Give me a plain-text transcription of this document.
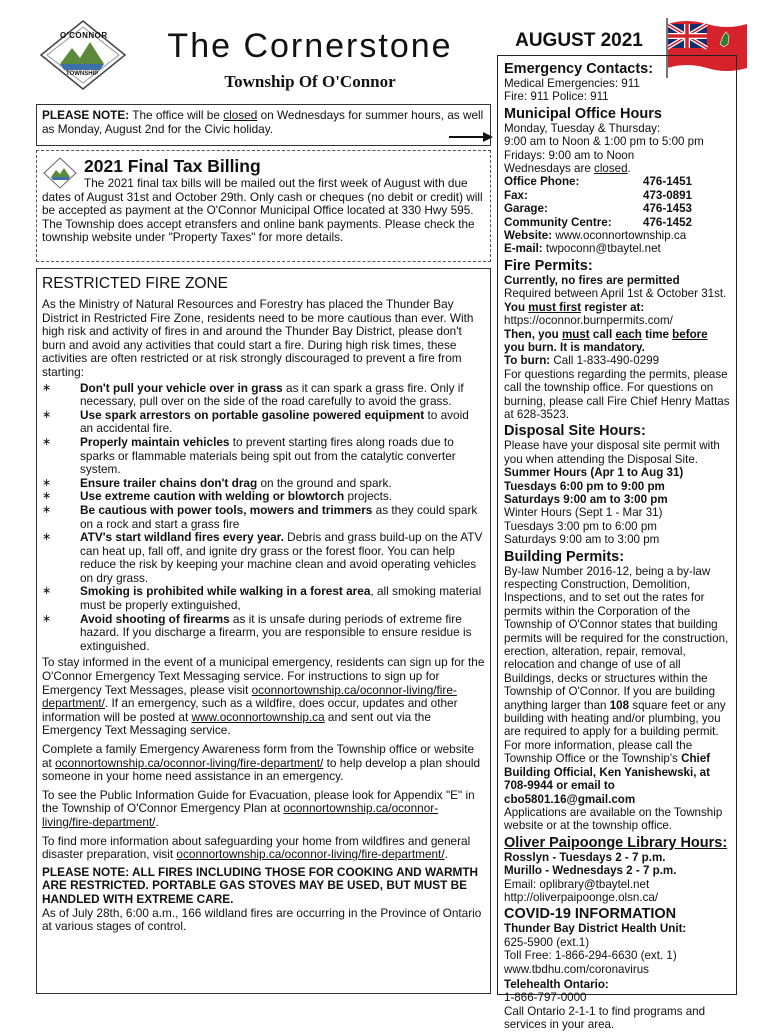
O'CONNOR
TOWNSHIP
The Cornerstone
Township Of O'Connor
AUGUST 2021

PLEASE NOTE: The office will be closed on Wednesdays for summer hours, as well as Monday, August 2nd for the Civic holiday.

2021 Final Tax Billing

The 2021 final tax bills will be mailed out the first week of August with due dates of August 31st and October 29th. Only cash or cheques (no debit or credit) will be accepted as payment at the O'Connor Municipal Office located at 330 Hwy 595. The Township does accept etransfers and online bank payments. Please check the township website under "Property Taxes" for more details.

RESTRICTED FIRE ZONE

As the Ministry of Natural Resources and Forestry has placed the Thunder Bay District in Restricted Fire Zone, residents need to be more cautious than ever. With high risk and activity of fires in and around the Thunder Bay District, please don't burn and avoid any activities that could start a fire. During high risk times, these activities are often restricted or at risk strongly discouraged to prevent a fire from starting:

∗ Don't pull your vehicle over in grass as it can spark a grass fire. Only if necessary, pull over on the side of the road carefully to avoid the grass.
∗ Use spark arrestors on portable gasoline powered equipment to avoid an accidental fire.
∗ Properly maintain vehicles to prevent starting fires along roads due to sparks or flammable materials being spit out from the catalytic converter system.
∗ Ensure trailer chains don't drag on the ground and spark.
∗ Use extreme caution with welding or blowtorch projects.
∗ Be cautious with power tools, mowers and trimmers as they could spark on a rock and start a grass fire
∗ ATV's start wildland fires every year. Debris and grass build-up on the ATV can heat up, fall off, and ignite dry grass or the forest floor. You can help reduce the risk by keeping your machine clean and avoid operating vehicles on dry grass.
∗ Smoking is prohibited while walking in a forest area, all smoking material must be properly extinguished,
∗ Avoid shooting of firearms as it is unsafe during periods of extreme fire hazard. If you discharge a firearm, you are responsible to ensure residue is extinguished.

To stay informed in the event of a municipal emergency, residents can sign up for the O'Connor Emergency Text Messaging service. For instructions to sign up for Emergency Text Messages, please visit oconnortownship.ca/oconnor-living/fire-department/. If an emergency, such as a wildfire, does occur, updates and other information will be posted at www.oconnortownship.ca and sent out via the Emergency Text Messaging service.

Complete a family Emergency Awareness form from the Township office or website at oconnortownship.ca/oconnor-living/fire-department/ to help develop a plan should someone in your home need assistance in an emergency.

To see the Public Information Guide for Evacuation, please look for Appendix "E" in the Township of O'Connor Emergency Plan at oconnortownship.ca/oconnor-living/fire-department/.

To find more information about safeguarding your home from wildfires and general disaster preparation, visit oconnortownship.ca/oconnor-living/fire-department/.

PLEASE NOTE: ALL FIRES INCLUDING THOSE FOR COOKING AND WARMTH ARE RESTRICTED. PORTABLE GAS STOVES MAY BE USED, BUT MUST BE HANDLED WITH EXTREME CARE.

As of July 28th, 6:00 a.m., 166 wildland fires are occurring in the Province of Ontario at various stages of control.

Emergency Contacts:

Medical Emergencies: 911

Fire: 911 Police: 911

Municipal Office Hours

Monday, Tuesday & Thursday:

9:00 am to Noon & 1:00 pm to 5:00 pm

Fridays: 9:00 am to Noon

Wednesdays are closed.

Office Phone:	476-1451
Fax:	473-0891
Garage:	476-1453
Community Centre:	476-1452

Website: www.oconnortownship.ca

E-mail: twpoconn@tbaytel.net

Fire Permits:

Currently, no fires are permitted

Required between April 1st & October 31st.

You must first register at:

https://oconnor.burnpermits.com/

Then, you must call each time before you burn. It is mandatory.

To burn: Call 1-833-490-0299

For questions regarding the permits, please call the township office. For questions on burning, please call Fire Chief Henry Mattas at 628-3523.

Disposal Site Hours:

Please have your disposal site permit with you when attending the Disposal Site.

Summer Hours (Apr 1 to Aug 31)

Tuesdays 6:00 pm to 9:00 pm

Saturdays 9:00 am to 3:00 pm

Winter Hours (Sept 1 - Mar 31)

Tuesdays 3:00 pm to 6:00 pm

Saturdays 9:00 am to 3:00 pm

Building Permits:

By-law Number 2016-12, being a by-law respecting Construction, Demolition, Inspections, and to set out the rates for permits within the Corporation of the Township of O'Connor states that building permits will be required for the construction, erection, alteration, repair, removal, relocation and change of use of all Buildings, decks or structures within the Township of O'Connor. If you are building anything larger than 108 square feet or any building with heating and/or plumbing, you are required to apply for a building permit. For more information, please call the Township Office or the Township's Chief Building Official, Ken Yanishewski, at 708-9944 or email to cbo5801.16@gmail.com

Applications are available on the Township website or at the township office.

Oliver Paipoonge Library Hours:

Rosslyn - Tuesdays 2 - 7 p.m.

Murillo - Wednesdays 2 - 7 p.m.

Email: oplibrary@tbaytel.net

http://oliverpaipoonge.olsn.ca/

COVID-19 INFORMATION

Thunder Bay District Health Unit:

625-5900 (ext.1)

Toll Free: 1-866-294-6630 (ext. 1)

www.tbdhu.com/coronavirus

Telehealth Ontario:

1-866-797-0000

Call Ontario 2-1-1 to find programs and services in your area.
